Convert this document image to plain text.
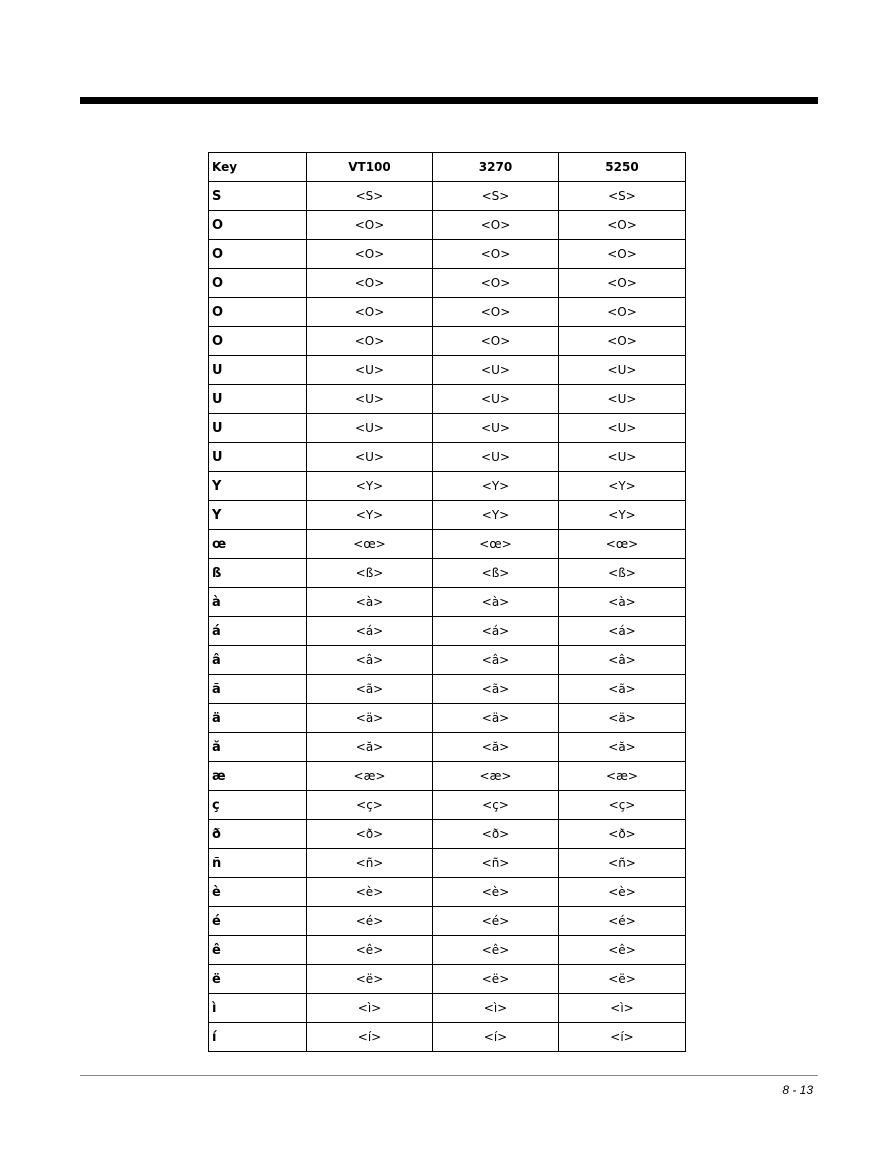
Key	VT100	3270	5250
S	<S>	<S>	<S>
O	<O>	<O>	<O>
O	<O>	<O>	<O>
O	<O>	<O>	<O>
O	<O>	<O>	<O>
O	<O>	<O>	<O>
U	<U>	<U>	<U>
U	<U>	<U>	<U>
U	<U>	<U>	<U>
U	<U>	<U>	<U>
Y	<Y>	<Y>	<Y>
Y	<Y>	<Y>	<Y>
œ	<œ>	<œ>	<œ>
ß	<ß>	<ß>	<ß>
à	<à>	<à>	<à>
á	<á>	<á>	<á>
â	<â>	<â>	<â>
ã	<ã>	<ã>	<ã>
ä	<ä>	<ä>	<ä>
ă	<ă>	<ă>	<ă>
æ	<æ>	<æ>	<æ>
ç	<ç>	<ç>	<ç>
ð	<ð>	<ð>	<ð>
ñ	<ñ>	<ñ>	<ñ>
è	<è>	<è>	<è>
é	<é>	<é>	<é>
ê	<ê>	<ê>	<ê>
ë	<ë>	<ë>	<ë>
ì	<ì>	<ì>	<ì>
í	<í>	<í>	<í>
8 - 13
